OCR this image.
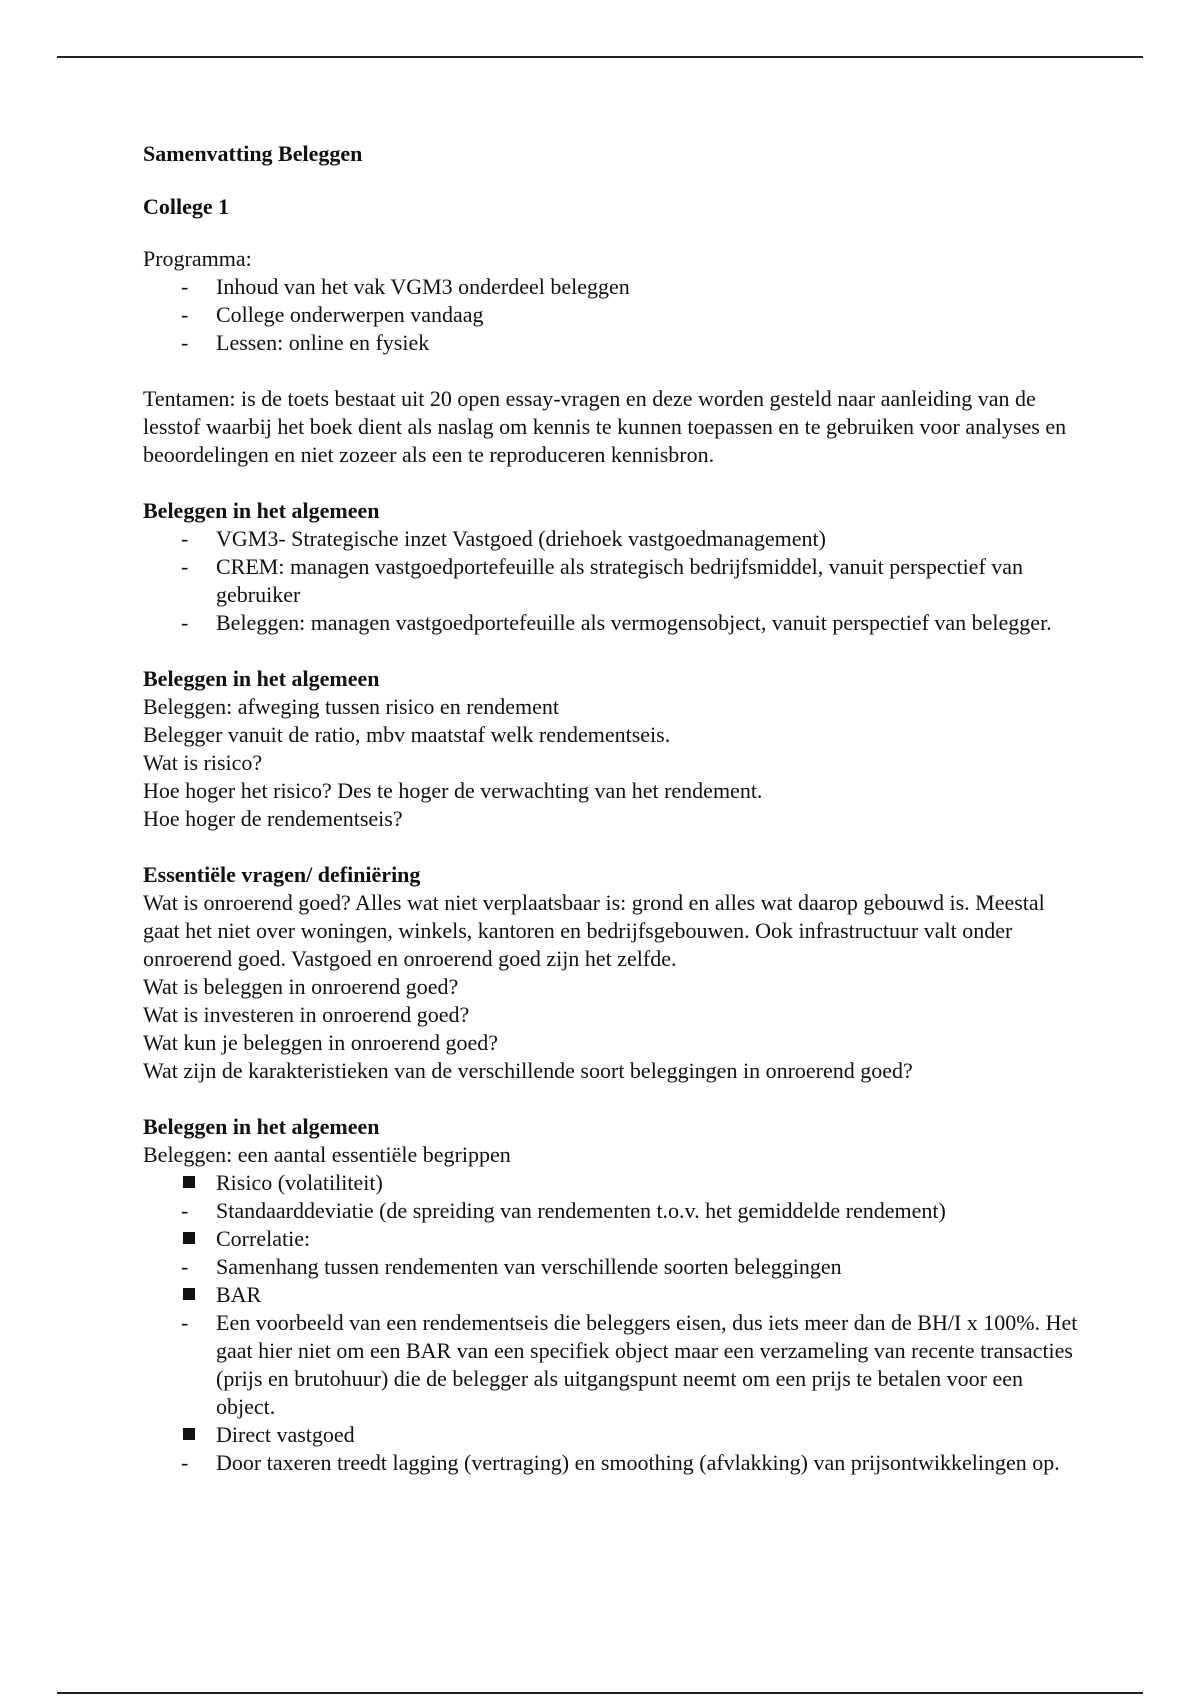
Samenvatting Beleggen

College 1

Programma:

-	Inhoud van het vak VGM3 onderdeel beleggen
-	College onderwerpen vandaag
-	Lessen: online en fysiek

Tentamen: is de toets bestaat uit 20 open essay-vragen en deze worden gesteld naar aanleiding van de lesstof waarbij het boek dient als naslag om kennis te kunnen toepassen en te gebruiken voor analyses en beoordelingen en niet zozeer als een te reproduceren kennisbron.

Beleggen in het algemeen

-	VGM3- Strategische inzet Vastgoed (driehoek vastgoedmanagement)
-	CREM: managen vastgoedportefeuille als strategisch bedrijfsmiddel, vanuit perspectief van gebruiker
-	Beleggen: managen vastgoedportefeuille als vermogensobject, vanuit perspectief van belegger.

Beleggen in het algemeen

Beleggen: afweging tussen risico en rendement

Belegger vanuit de ratio, mbv maatstaf welk rendementseis.

Wat is risico?

Hoe hoger het risico? Des te hoger de verwachting van het rendement.

Hoe hoger de rendementseis?

Essentiële vragen/ definiëring

Wat is onroerend goed? Alles wat niet verplaatsbaar is: grond en alles wat daarop gebouwd is. Meestal gaat het niet over woningen, winkels, kantoren en bedrijfsgebouwen. Ook infrastructuur valt onder onroerend goed. Vastgoed en onroerend goed zijn het zelfde.

Wat is beleggen in onroerend goed?

Wat is investeren in onroerend goed?

Wat kun je beleggen in onroerend goed?

Wat zijn de karakteristieken van de verschillende soort beleggingen in onroerend goed?

Beleggen in het algemeen

Beleggen: een aantal essentiële begrippen

Risico (volatiliteit)
-	Standaarddeviatie (de spreiding van rendementen t.o.v. het gemiddelde rendement)
Correlatie:
-	Samenhang tussen rendementen van verschillende soorten beleggingen
BAR
-	Een voorbeeld van een rendementseis die beleggers eisen, dus iets meer dan de BH/I x 100%. Het gaat hier niet om een BAR van een specifiek object maar een verzameling van recente transacties (prijs en brutohuur) die de belegger als uitgangspunt neemt om een prijs te betalen voor een object.
Direct vastgoed
-	Door taxeren treedt lagging (vertraging) en smoothing (afvlakking) van prijsontwikkelingen op.
